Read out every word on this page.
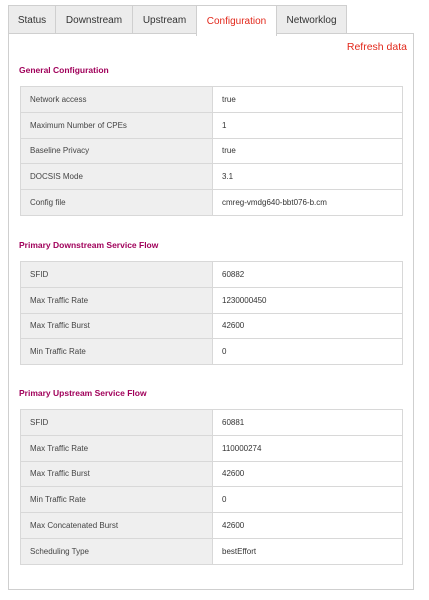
Status	Downstream	Upstream	Configuration	Networklog
Refresh data
General Configuration
Network access	true
Maximum Number of CPEs	1
Baseline Privacy	true
DOCSIS Mode	3.1
Config file	cmreg-vmdg640-bbt076-b.cm
Primary Downstream Service Flow
SFID	60882
Max Traffic Rate	1230000450
Max Traffic Burst	42600
Min Traffic Rate	0
Primary Upstream Service Flow
SFID	60881
Max Traffic Rate	110000274
Max Traffic Burst	42600
Min Traffic Rate	0
Max Concatenated Burst	42600
Scheduling Type	bestEffort
